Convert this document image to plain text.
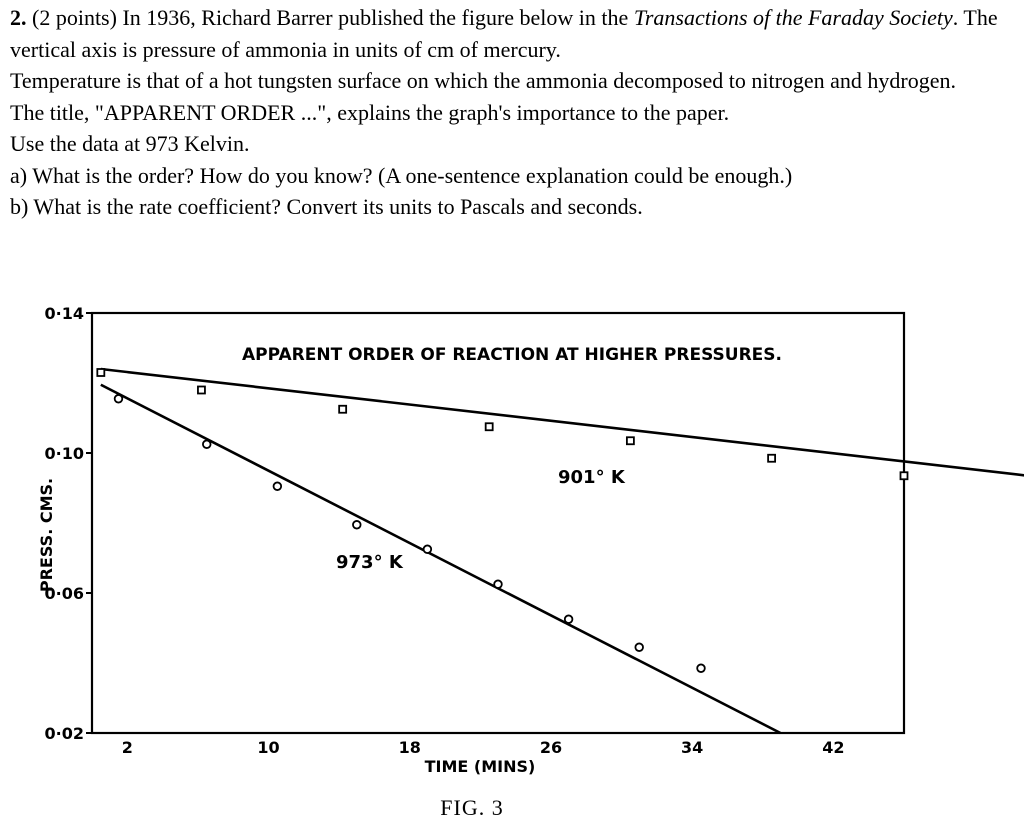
2. (2 points) In 1936, Richard Barrer published the figure below in the Transactions of the Faraday Society. The vertical axis is pressure of ammonia in units of cm of mercury.

Temperature is that of a hot tungsten surface on which the ammonia decomposed to nitrogen and hydrogen.

The title, "APPARENT ORDER ...", explains the graph's importance to the paper.

Use the data at 973 Kelvin.

a) What is the order? How do you know? (A one-sentence explanation could be enough.)

b) What is the rate coefficient? Convert its units to Pascals and seconds.

0·14
0·10
0·06
0·02
2	10	18	26	34	42
APPARENT ORDER OF REACTION AT HIGHER PRESSURES.
901° K
973° K
TIME (MINS)
PRESS. CMS.
FIG. 3
